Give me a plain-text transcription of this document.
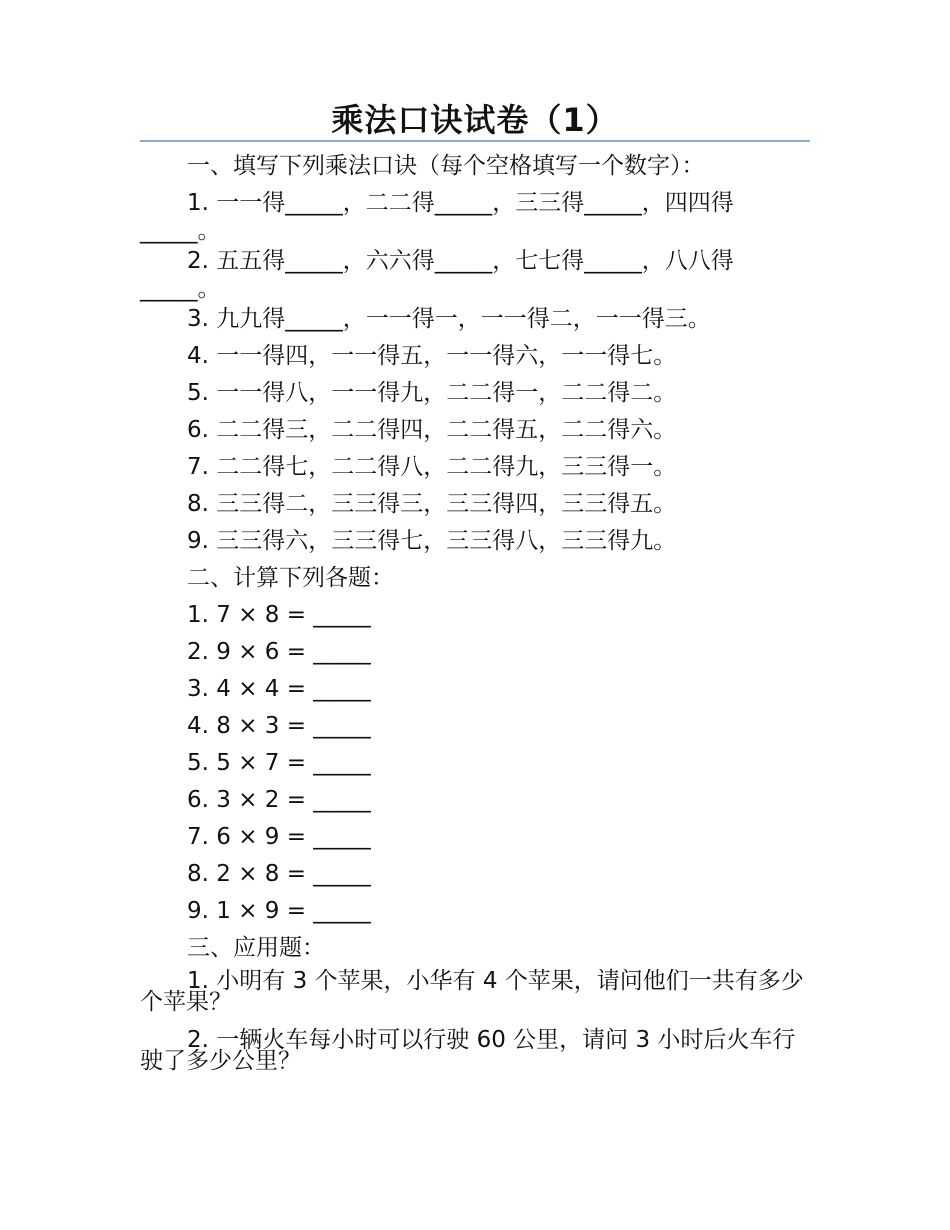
乘法口诀试卷（1）

一、填写下列乘法口诀（每个空格填写一个数字）：

1. 一一得_____，二二得_____，三三得_____，四四得_____。

2. 五五得_____，六六得_____，七七得_____，八八得_____。

3. 九九得_____，一一得一，一一得二，一一得三。

4. 一一得四，一一得五，一一得六，一一得七。

5. 一一得八，一一得九，二二得一，二二得二。

6. 二二得三，二二得四，二二得五，二二得六。

7. 二二得七，二二得八，二二得九，三三得一。

8. 三三得二，三三得三，三三得四，三三得五。

9. 三三得六，三三得七，三三得八，三三得九。

二、计算下列各题：

1. 7 × 8 = _____

2. 9 × 6 = _____

3. 4 × 4 = _____

4. 8 × 3 = _____

5. 5 × 7 = _____

6. 3 × 2 = _____

7. 6 × 9 = _____

8. 2 × 8 = _____

9. 1 × 9 = _____

三、应用题：

1. 小明有 3 个苹果，小华有 4 个苹果，请问他们一共有多少个苹果？

2. 一辆火车每小时可以行驶 60 公里，请问 3 小时后火车行驶了多少公里？
